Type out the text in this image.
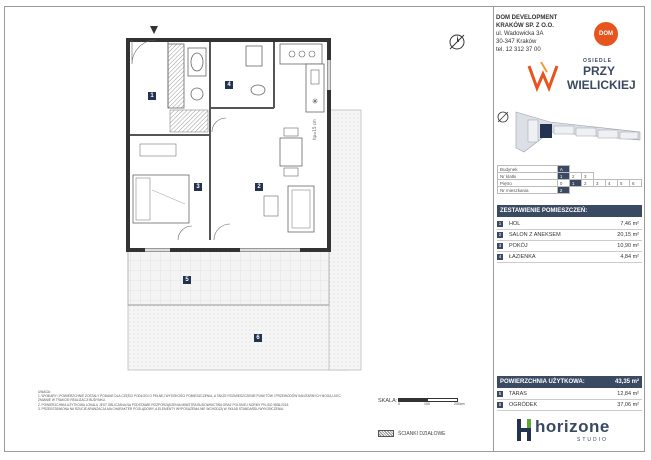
DOM DEVELOPMENT
KRAKÓW SP. Z O.O.
ul. Wadowicka 3A
30-347 Kraków
tel. 12 312 37 00
DOM
OSIEDLE
PRZY
WIELICKIEJ
Budynek	A						
Nr klatki	1	2	3				
Piętro	0	1	2	3	4	5	6
Nr mieszkania	2						
ZESTAWIENIE POMIESZCZEŃ:
1	HOL	7,46 m²
2	SALON Z ANEKSEM	20,15 m²
3	POKÓJ	10,90 m²
4	ŁAZIENKA	4,84 m²
POWIERZCHNIA UŻYTKOWA:	43,35 m²
5	TARAS	12,84 m²
6	OGRÓDEK	37,06 m²
horizone
STUDIO

UWAGA:

1. WYMIARY I POWIERZCHNIE ZOSTAŁY PODANE DLA CZĘŚCI PODŁOGI O PEŁNEJ WYSOKOŚCI POMIESZCZENIA, A TAKŻE ROZMIESZCZENIE PUNKTÓW I PRZEWODÓW SANITARNYCH MOGĄ ULEC ZMIANIE W TRAKCIE REALIZACJI BUDYNKU.

2. POWIERZCHNIA UŻYTKOWA LOKALU JEST OBLICZANA NA PODSTAWIE ROZPORZĄDZENIA MINISTRA BUDOWNICTWA ORAZ POLSKIEJ NORMY PN-ISO 9836:2015.

3. PRZEDSTAWIONA NA RZUCIE ARANŻACJA MA CHARAKTER POGLĄDOWY, A ELEMENTY WYPOSAŻENIA NIE WCHODZĄ W SKŁAD STANDARDU WYKOŃCZENIA.

SKALA: 0	100	200cm
ŚCIANKI DZIAŁOWE
✳
hp=15 cm
1
2
3
4
5
6
